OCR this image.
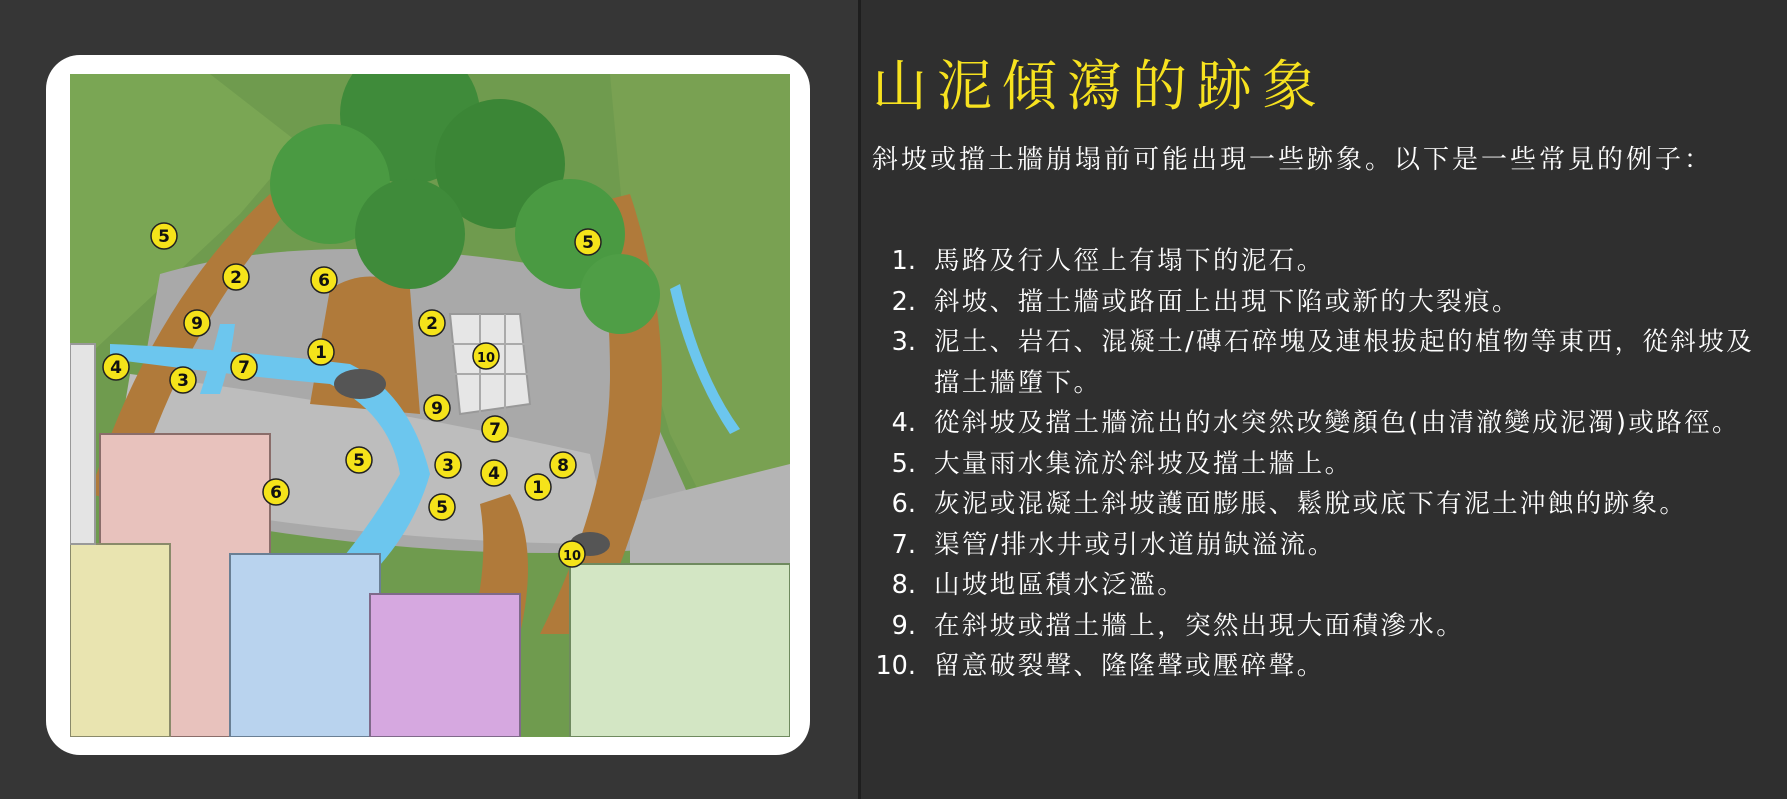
5
2	6
9
4
3
7
1
2
10
9
7
5	3 4
1
8
6
5
10
5
山泥傾瀉的跡象

斜坡或擋土牆崩塌前可能出現一些跡象。以下是一些常見的例子：

1. 馬路及行人徑上有塌下的泥石。
2. 斜坡、擋土牆或路面上出現下陷或新的大裂痕。
3. 泥土、岩石、混凝土/磚石碎塊及連根拔起的植物等東西，從斜坡及擋土牆墮下。
4. 從斜坡及擋土牆流出的水突然改變顏色(由清澈變成泥濁)或路徑。
5. 大量雨水集流於斜坡及擋土牆上。
6. 灰泥或混凝土斜坡護面膨脹、鬆脫或底下有泥土沖蝕的跡象。
7. 渠管/排水井或引水道崩缺溢流。
8. 山坡地區積水泛濫。
9. 在斜坡或擋土牆上，突然出現大面積滲水。
10. 留意破裂聲、隆隆聲或壓碎聲。
